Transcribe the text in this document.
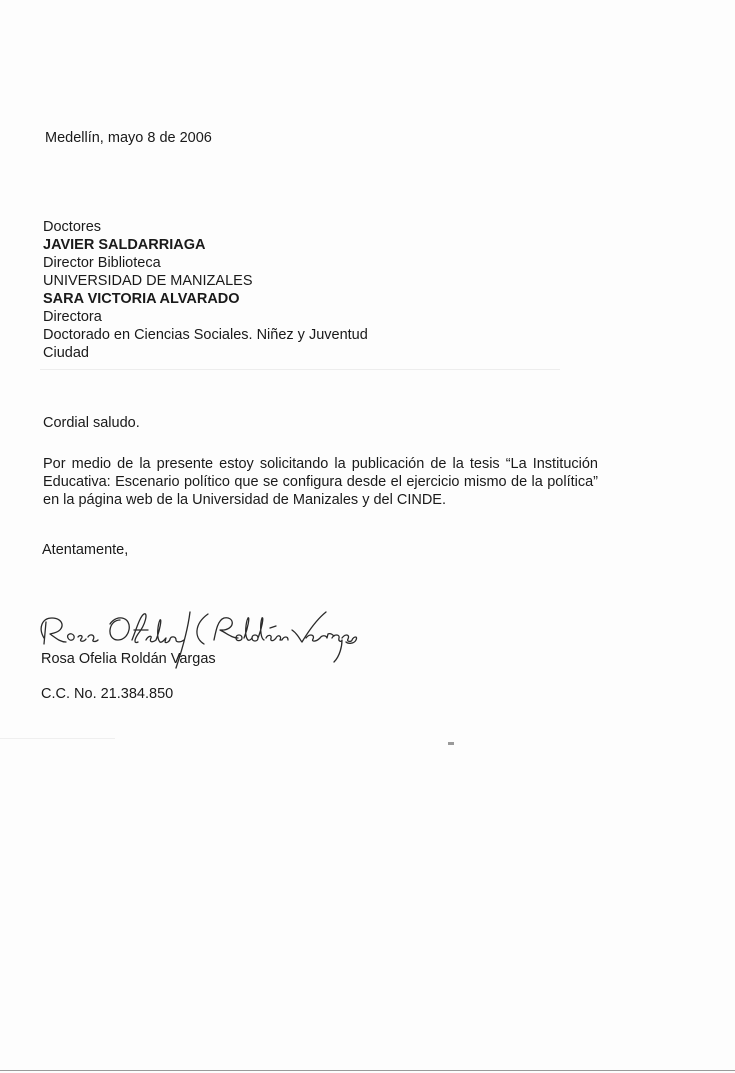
Medellín, mayo 8 de 2006
Doctores
JAVIER SALDARRIAGA
Director Biblioteca
UNIVERSIDAD DE MANIZALES
SARA VICTORIA ALVARADO
Directora
Doctorado en Ciencias Sociales. Niñez y Juventud
Ciudad
Cordial saludo.
Por medio de la presente estoy solicitando la publicación de la tesis “La Institución Educativa: Escenario político que se configura desde el ejercicio mismo de la política” en la página web de la Universidad de Manizales y del CINDE.
Atentamente,
Rosa Ofelia Roldán Vargas
Rosa Ofelia Roldán Vargas
C.C. No. 21.384.850
